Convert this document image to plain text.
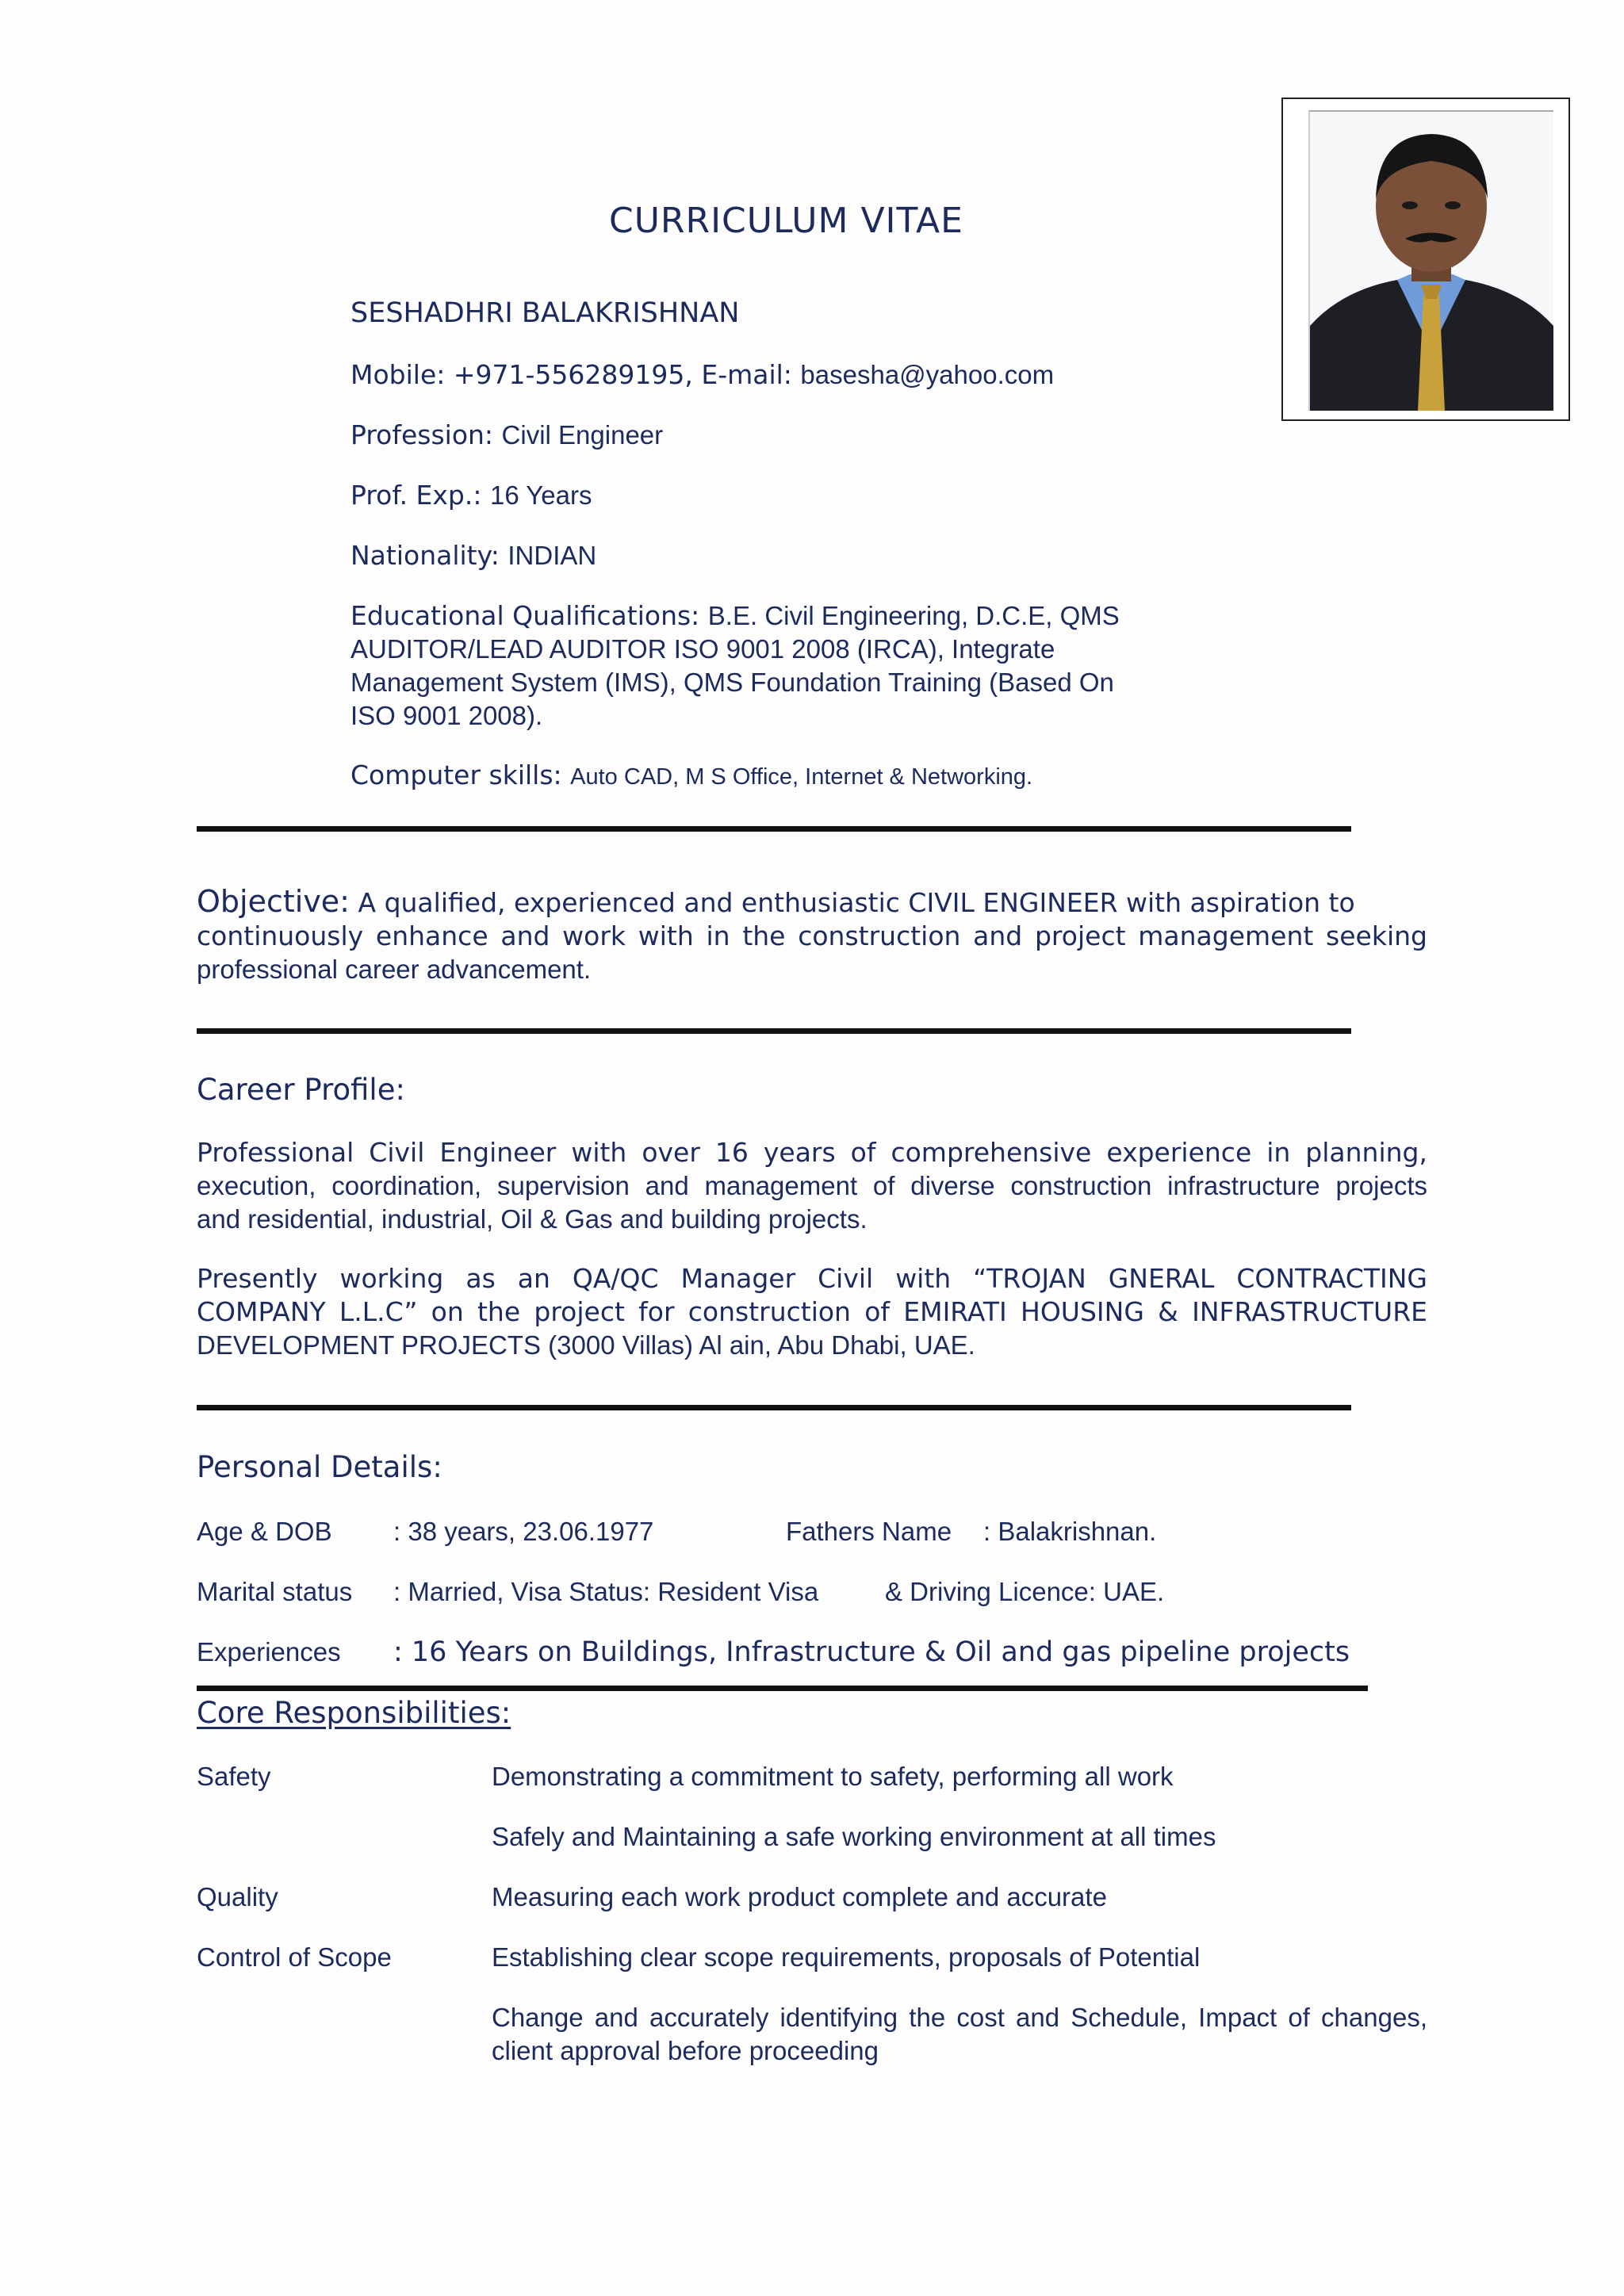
CURRICULUM VITAE
SESHADHRI BALAKRISHNAN
Mobile: +971-556289195, E-mail: basesha@yahoo.com
Profession: Civil Engineer
Prof. Exp.: 16 Years
Nationality: INDIAN
Educational Qualifications: B.E. Civil Engineering, D.C.E, QMS
AUDITOR/LEAD AUDITOR ISO 9001 2008 (IRCA), Integrate
Management System (IMS), QMS Foundation Training (Based On
ISO 9001 2008).
Computer skills: Auto CAD, M S Office, Internet & Networking.
Objective: A qualified, experienced and enthusiastic CIVIL ENGINEER with aspiration to
continuously enhance and work with in the construction and project management seeking
professional career advancement.
Career Profile:
Professional Civil Engineer with over 16 years of comprehensive experience in planning,
execution, coordination, supervision and management of diverse construction infrastructure projects
and residential, industrial, Oil & Gas and building projects.
Presently working as an QA/QC Manager Civil with “TROJAN GNERAL CONTRACTING
COMPANY L.L.C” on the project for construction of EMIRATI HOUSING & INFRASTRUCTURE
DEVELOPMENT PROJECTS (3000 Villas) Al ain, Abu Dhabi, UAE.
Personal Details:
Age & DOB : 38 years, 23.06.1977	Fathers Name : Balakrishnan.
Marital status : Married, Visa Status: Resident Visa	& Driving Licence: UAE.
Experiences : 16 Years on Buildings, Infrastructure & Oil and gas pipeline projects
Core Responsibilities:
Safety	Demonstrating a commitment to safety, performing all work
Safely and Maintaining a safe working environment at all times
Quality	Measuring each work product complete and accurate
Control of Scope	Establishing clear scope requirements, proposals of Potential
Change and accurately identifying the cost and Schedule, Impact of changes,
client approval before proceeding
